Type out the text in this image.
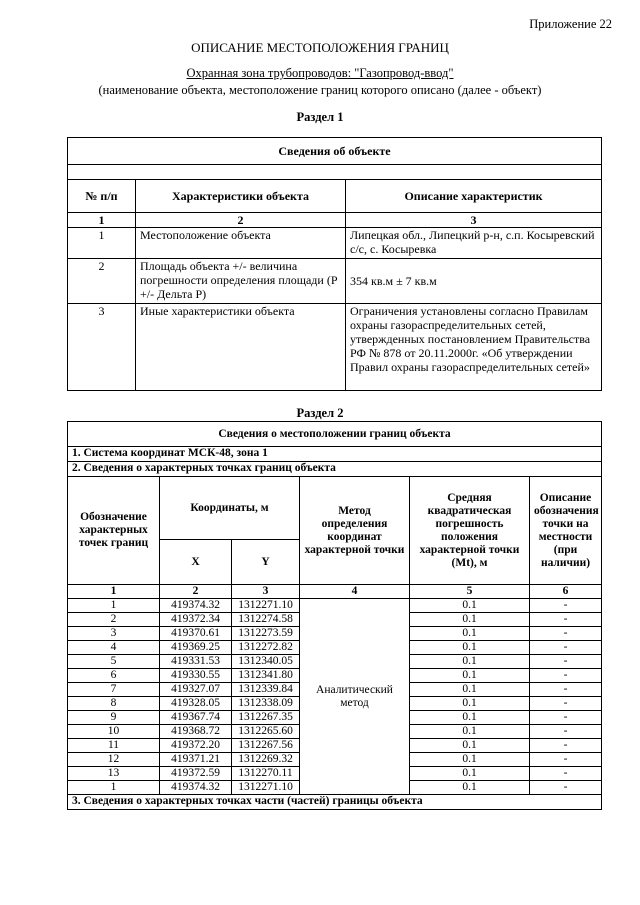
Приложение 22
ОПИСАНИЕ МЕСТОПОЛОЖЕНИЯ ГРАНИЦ
Охранная зона трубопроводов: "Газопровод-ввод"
(наименование объекта, местоположение границ которого описано (далее - объект)
Раздел 1
Сведения об объекте		

№ п/п	Характеристики объекта	Описание характеристик
1	2	3
1	Местоположение объекта	Липецкая обл., Липецкий р-н, с.п. Косыревский с/с, с. Косыревка
2	Площадь объекта +/- величина погрешности определения площади (Р +/- Дельта Р)	354 кв.м ± 7 кв.м
3	Иные характеристики объекта	Ограничения установлены согласно Правилам охраны газораспределительных сетей, утвержденных постановлением Правительства РФ № 878 от 20.11.2000г. «Об утверждении Правил охраны газораспределительных сетей»
Раздел 2
Сведения о местоположении границ объекта					
1. Система координат МСК-48, зона 1					
2. Сведения о характерных точках границ объекта					
Обозначение характерных точек границ	Координаты, м		Метод определения координат характерной точки	Средняя квадратическая погрешность положения характерной точки (Мt), м	Описание обозначения точки на местности (при наличии)
	X	Y			
1	2	3	4	5	6
1	419374.32	1312271.10	Аналитический метод	0.1	-
2	419372.34	1312274.58		0.1	-
3	419370.61	1312273.59		0.1	-
4	419369.25	1312272.82		0.1	-
5	419331.53	1312340.05		0.1	-
6	419330.55	1312341.80		0.1	-
7	419327.07	1312339.84		0.1	-
8	419328.05	1312338.09		0.1	-
9	419367.74	1312267.35		0.1	-
10	419368.72	1312265.60		0.1	-
11	419372.20	1312267.56		0.1	-
12	419371.21	1312269.32		0.1	-
13	419372.59	1312270.11		0.1	-
1	419374.32	1312271.10		0.1	-
3. Сведения о характерных точках части (частей) границы объекта					
